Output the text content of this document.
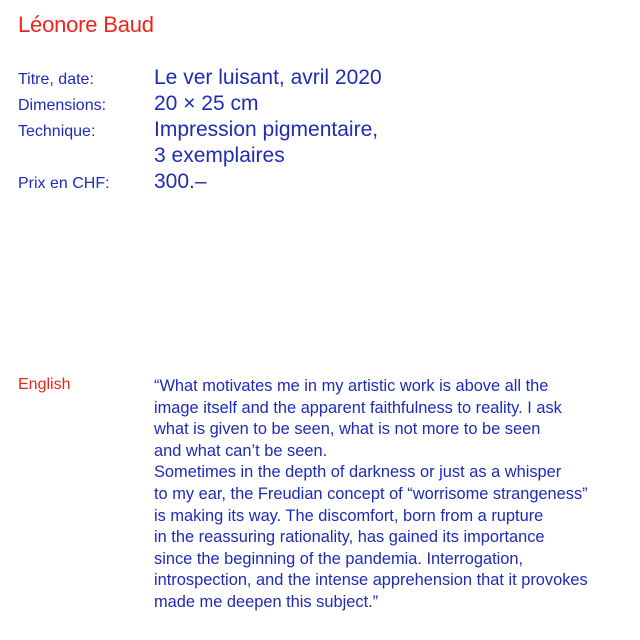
Léonore Baud
Titre, date:	Le ver luisant, avril 2020
Dimensions:	20 × 25 cm
Technique:	Impression pigmentaire,
3 exemplaires
Prix en CHF:	300.–
English	“What motivates me in my artistic work is above all the
image itself and the apparent faithfulness to reality. I ask
what is given to be seen, what is not more to be seen
and what can’t be seen.
Sometimes in the depth of darkness or just as a whisper
to my ear, the Freudian concept of “worrisome strangeness”
is making its way. The discomfort, born from a rupture
in the reassuring rationality, has gained its importance
since the beginning of the pandemia. Interrogation,
introspection, and the intense apprehension that it provokes
made me deepen this subject.”
